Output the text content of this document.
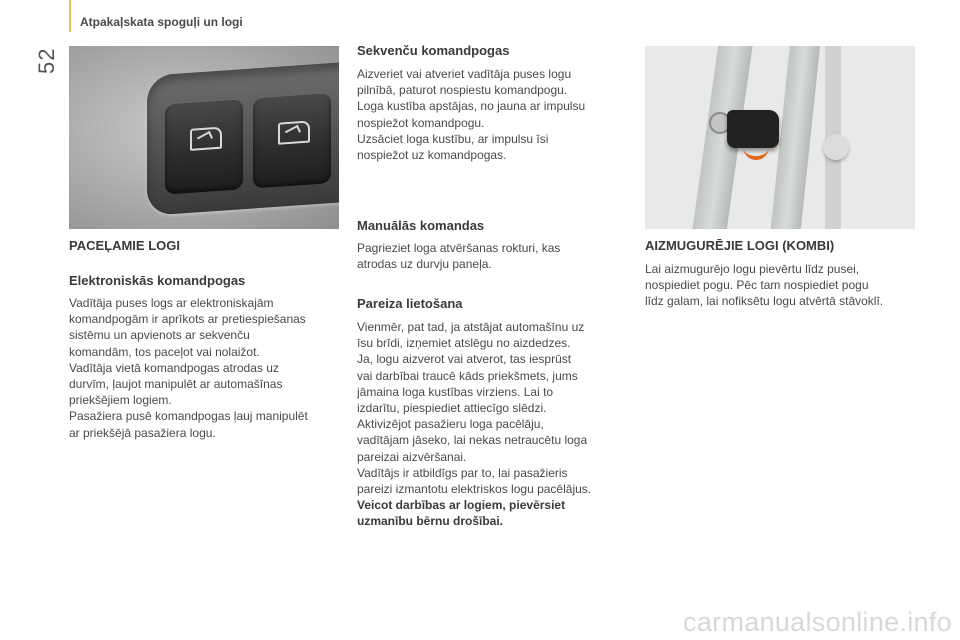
52
Atpakaļskata spoguļi un logi
PACEĻAMIE LOGI
Elektroniskās komandpogas
Vadītāja puses logs ar elektroniskajām
komandpogām ir aprīkots ar pretiespiešanas
sistēmu un apvienots ar sekvenču
komandām, tos paceļot vai nolaižot.
Vadītāja vietā komandpogas atrodas uz
durvīm, ļaujot manipulēt ar automašīnas
priekšējiem logiem.
Pasažiera pusē komandpogas ļauj manipulēt
ar priekšējā pasažiera logu.
Sekvenču komandpogas
Aizveriet vai atveriet vadītāja puses logu
pilnībā, paturot nospiestu komandpogu.
Loga kustība apstājas, no jauna ar impulsu
nospiežot komandpogu.
Uzsāciet loga kustību, ar impulsu īsi
nospiežot uz komandpogas.
Manuālās komandas
Pagrieziet loga atvēršanas rokturi, kas
atrodas uz durvju paneļa.
Pareiza lietošana
Vienmēr, pat tad, ja atstājat automašīnu uz
īsu brīdi, izņemiet atslēgu no aizdedzes.
Ja, logu aizverot vai atverot, tas iesprūst
vai darbībai traucē kāds priekšmets, jums
jāmaina loga kustības virziens. Lai to
izdarītu, piespiediet attiecīgo slēdzi.
Aktivizējot pasažieru loga pacēlāju,
vadītājam jāseko, lai nekas netraucētu loga
pareizai aizvēršanai.
Vadītājs ir atbildīgs par to, lai pasažieris
pareizi izmantotu elektriskos logu pacēlājus.
Veicot darbības ar logiem, pievērsiet
uzmanību bērnu drošībai.
AIZMUGURĒJIE LOGI (KOMBI)
Lai aizmugurējo logu pievērtu līdz pusei,
nospiediet pogu. Pēc tam nospiediet pogu
līdz galam, lai nofiksētu logu atvērtā stāvoklī.
carmanualsonline.info
